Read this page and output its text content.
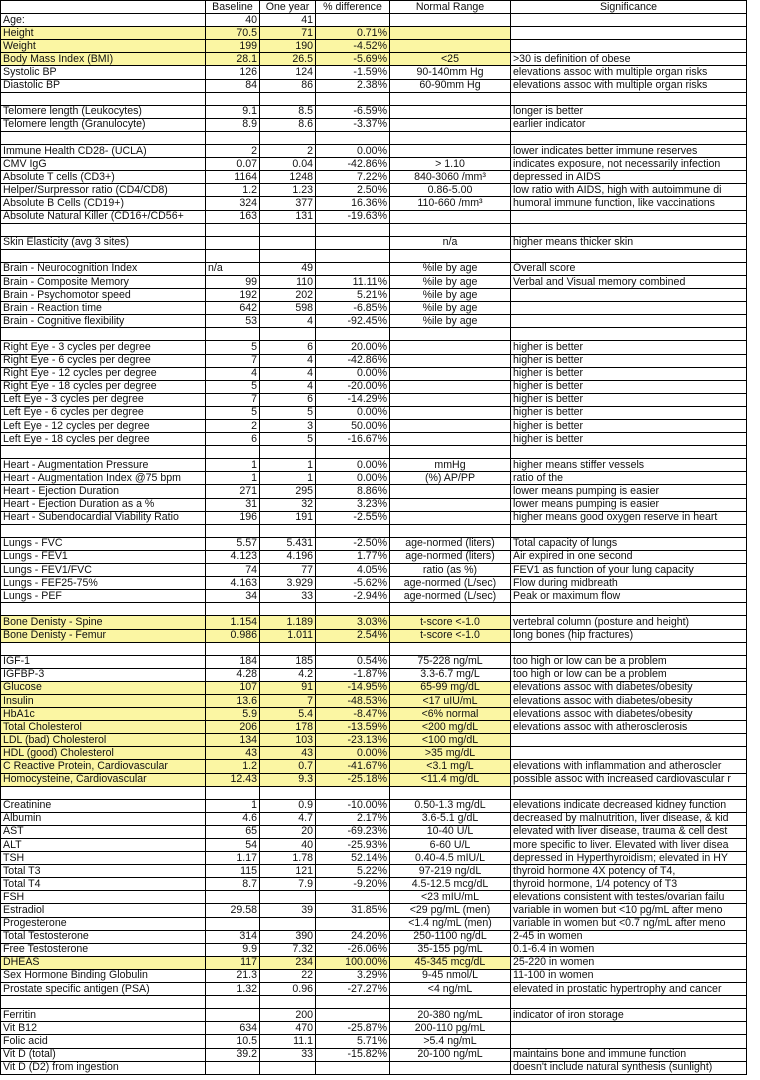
	Baseline	One year	% difference	Normal Range	Significance
Age:	40	41			
Height	70.5	71	0.71%		
Weight	199	190	-4.52%		
Body Mass Index (BMI)	28.1	26.5	-5.69%	<25	>30 is definition of obese
Systolic BP	126	124	-1.59%	90-140mm Hg	elevations assoc with multiple organ risks
Diastolic BP	84	86	2.38%	60-90mm Hg	elevations assoc with multiple organ risks

Telomere length (Leukocytes)	9.1	8.5	-6.59%		longer is better
Telomere length (Granulocyte)	8.9	8.6	-3.37%		earlier indicator

Immune Health CD28- (UCLA)	2	2	0.00%		lower indicates better immune reserves
CMV IgG	0.07	0.04	-42.86%	> 1.10	indicates exposure, not necessarily infection
Absolute T cells (CD3+)	1164	1248	7.22%	840-3060 /mm³	depressed in AIDS
Helper/Surpressor ratio (CD4/CD8)	1.2	1.23	2.50%	0.86-5.00	low ratio with AIDS, high with autoimmune di
Absolute B Cells (CD19+)	324	377	16.36%	110-660 /mm³	humoral immune function, like vaccinations
Absolute Natural Killer (CD16+/CD56+	163	131	-19.63%		

Skin Elasticity (avg 3 sites)				n/a	higher means thicker skin

Brain - Neurocognition Index	n/a	49		%ile by age	Overall score
Brain - Composite Memory	99	110	11.11%	%ile by age	Verbal and Visual memory combined
Brain - Psychomotor speed	192	202	5.21%	%ile by age	
Brain - Reaction time	642	598	-6.85%	%ile by age	
Brain - Cognitive flexibility	53	4	-92.45%	%ile by age	

Right Eye - 3 cycles per degree	5	6	20.00%		higher is better
Right Eye - 6 cycles per degree	7	4	-42.86%		higher is better
Right Eye - 12 cycles per degree	4	4	0.00%		higher is better
Right Eye - 18 cycles per degree	5	4	-20.00%		higher is better
Left Eye - 3 cycles per degree	7	6	-14.29%		higher is better
Left Eye - 6 cycles per degree	5	5	0.00%		higher is better
Left Eye - 12 cycles per degree	2	3	50.00%		higher is better
Left Eye - 18 cycles per degree	6	5	-16.67%		higher is better

Heart - Augmentation Pressure	1	1	0.00%	mmHg	higher means stiffer vessels
Heart - Augmentation Index @75 bpm	1	1	0.00%	(%) AP/PP	ratio of the
Heart - Ejection Duration	271	295	8.86%		lower means pumping is easier
Heart - Ejection Duration as a %	31	32	3.23%		lower means pumping is easier
Heart - Subendocardial Viability Ratio	196	191	-2.55%		higher means good oxygen reserve in heart

Lungs - FVC	5.57	5.431	-2.50%	age-normed (liters)	Total capacity of lungs
Lungs - FEV1	4.123	4.196	1.77%	age-normed (liters)	Air expired in one second
Lungs - FEV1/FVC	74	77	4.05%	ratio (as %)	FEV1 as function of your lung capacity
Lungs - FEF25-75%	4.163	3.929	-5.62%	age-normed (L/sec)	Flow during midbreath
Lungs - PEF	34	33	-2.94%	age-normed (L/sec)	Peak or maximum flow

Bone Denisty - Spine	1.154	1.189	3.03%	t-score <-1.0	vertebral column (posture and height)
Bone Denisty - Femur	0.986	1.011	2.54%	t-score <-1.0	long bones (hip fractures)

IGF-1	184	185	0.54%	75-228 ng/mL	too high or low can be a problem
IGFBP-3	4.28	4.2	-1.87%	3.3-6.7 mg/L	too high or low can be a problem
Glucose	107	91	-14.95%	65-99 mg/dL	elevations assoc with diabetes/obesity
Insulin	13.6	7	-48.53%	<17 uIU/mL	elevations assoc with diabetes/obesity
HbA1c	5.9	5.4	-8.47%	<6% normal	elevations assoc with diabetes/obesity
Total Cholesterol	206	178	-13.59%	<200 mg/dL	elevations assoc with atherosclerosis
LDL (bad) Cholesterol	134	103	-23.13%	<100 mg/dL	
HDL (good) Cholesterol	43	43	0.00%	>35 mg/dL	
C Reactive Protein, Cardiovascular	1.2	0.7	-41.67%	<3.1 mg/L	elevations with inflammation and atheroscler
Homocysteine, Cardiovascular	12.43	9.3	-25.18%	<11.4 mg/dL	possible assoc with increased cardiovascular r

Creatinine	1	0.9	-10.00%	0.50-1.3 mg/dL	elevations indicate decreased kidney function
Albumin	4.6	4.7	2.17%	3.6-5.1 g/dL	decreased by malnutrition, liver disease, & kid
AST	65	20	-69.23%	10-40 U/L	elevated with liver disease, trauma & cell dest
ALT	54	40	-25.93%	6-60 U/L	more specific to liver. Elevated with liver disea
TSH	1.17	1.78	52.14%	0.40-4.5 mIU/L	depressed in Hyperthyroidism; elevated in HY
Total T3	115	121	5.22%	97-219 ng/dL	thyroid hormone 4X potency of T4,
Total T4	8.7	7.9	-9.20%	4.5-12.5 mcg/dL	thyroid hormone, 1/4 potency of T3
FSH				<23 mIU/mL	elevations consistent with testes/ovarian failu
Estradiol	29.58	39	31.85%	<29 pg/mL (men)	variable in women but <10 pg/mL after meno
Progesterone				<1.4 ng/mL (men)	variable in women but <0.7 ng/mL after meno
Total Testosterone	314	390	24.20%	250-1100 ng/dL	2-45 in women
Free Testosterone	9.9	7.32	-26.06%	35-155 pg/mL	0.1-6.4 in women
DHEAS	117	234	100.00%	45-345 mcg/dL	25-220 in women
Sex Hormone Binding Globulin	21.3	22	3.29%	9-45 nmol/L	11-100 in women
Prostate specific antigen (PSA)	1.32	0.96	-27.27%	<4 ng/mL	elevated in prostatic hypertrophy and cancer

Ferritin		200		20-380 ng/mL	indicator of iron storage
Vit B12	634	470	-25.87%	200-110 pg/mL	
Folic acid	10.5	11.1	5.71%	>5.4 ng/mL	
Vit D (total)	39.2	33	-15.82%	20-100 ng/mL	maintains bone and immune function
Vit D (D2) from ingestion					doesn't include natural synthesis (sunlight)
